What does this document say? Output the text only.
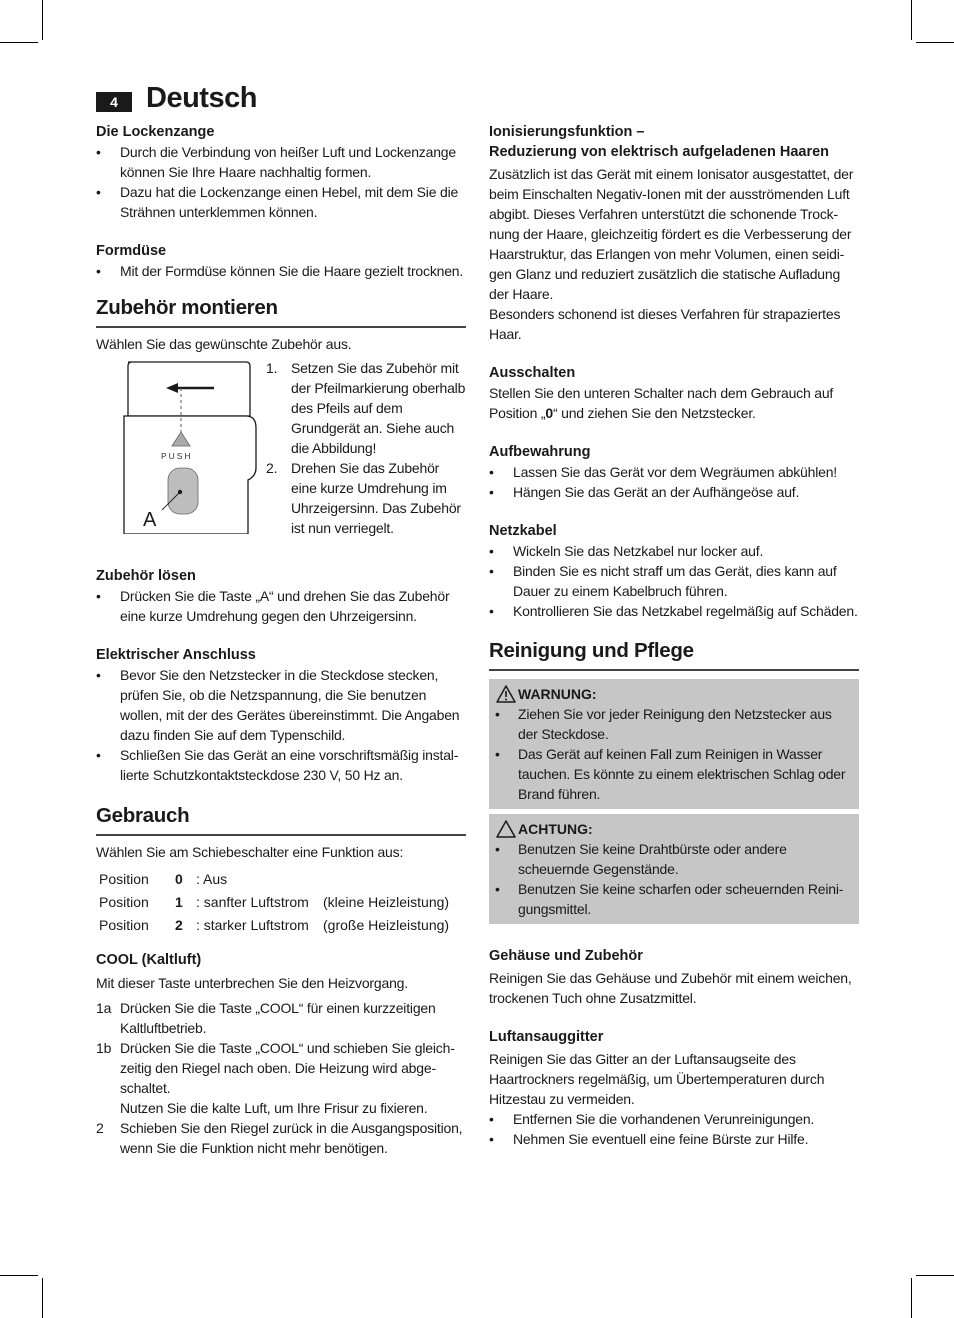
4 Deutsch
Die Lockenzange
• Durch die Verbindung von heißer Luft und Lockenzange können Sie Ihre Haare nachhaltig formen.
• Dazu hat die Lockenzange einen Hebel, mit dem Sie die Strähnen unterklemmen können.
Formdüse
• Mit der Formdüse können Sie die Haare gezielt trocknen.
Zubehör montieren
Wählen Sie das gewünschte Zubehör aus.
PUSH
A
1. Setzen Sie das Zubehör mit der Pfeilmarkierung oberhalb des Pfeils auf dem Grundgerät an. Siehe auch die Abbildung!
2. Drehen Sie das Zubehör eine kurze Umdrehung im Uhrzeigersinn. Das Zubehör ist nun verriegelt.
Zubehör lösen
• Drücken Sie die Taste „A“ und drehen Sie das Zubehör eine kurze Umdrehung gegen den Uhrzeigersinn.
Elektrischer Anschluss
• Bevor Sie den Netzstecker in die Steckdose stecken, prüfen Sie, ob die Netzspannung, die Sie benutzen wollen, mit der des Gerätes übereinstimmt. Die Angaben dazu finden Sie auf dem Typenschild.
• Schließen Sie das Gerät an eine vorschriftsmäßig installierte Schutzkontaktsteckdose 230 V, 50 Hz an.
Gebrauch
Wählen Sie am Schiebeschalter eine Funktion aus:
Position 0 : Aus
Position 1 : sanfter Luftstrom (kleine Heizleistung)
Position 2 : starker Luftstrom (große Heizleistung)
COOL (Kaltluft)
Mit dieser Taste unterbrechen Sie den Heizvorgang.
1a Drücken Sie die Taste „COOL“ für einen kurzzeitigen Kaltluftbetrieb.
1b Drücken Sie die Taste „COOL“ und schieben Sie gleichzeitig den Riegel nach oben. Die Heizung wird abgeschaltet.
Nutzen Sie die kalte Luft, um Ihre Frisur zu fixieren.
2 Schieben Sie den Riegel zurück in die Ausgangsposition, wenn Sie die Funktion nicht mehr benötigen.
Ionisierungsfunktion –
Reduzierung von elektrisch aufgeladenen Haaren
Zusätzlich ist das Gerät mit einem Ionisator ausgestattet, der beim Einschalten Negativ-Ionen mit der ausströmenden Luft abgibt. Dieses Verfahren unterstützt die schonende Trocknung der Haare, gleichzeitig fördert es die Verbesserung der Haarstruktur, das Erlangen von mehr Volumen, einen seidigen Glanz und reduziert zusätzlich die statische Aufladung der Haare.
Besonders schonend ist dieses Verfahren für strapaziertes Haar.
Ausschalten
Stellen Sie den unteren Schalter nach dem Gebrauch auf Position „0“ und ziehen Sie den Netzstecker.
Aufbewahrung
• Lassen Sie das Gerät vor dem Wegräumen abkühlen!
• Hängen Sie das Gerät an der Aufhängeöse auf.
Netzkabel
• Wickeln Sie das Netzkabel nur locker auf.
• Binden Sie es nicht straff um das Gerät, dies kann auf Dauer zu einem Kabelbruch führen.
• Kontrollieren Sie das Netzkabel regelmäßig auf Schäden.
Reinigung und Pflege
WARNUNG:
• Ziehen Sie vor jeder Reinigung den Netzstecker aus der Steckdose.
• Das Gerät auf keinen Fall zum Reinigen in Wasser tauchen. Es könnte zu einem elektrischen Schlag oder Brand führen.
ACHTUNG:
• Benutzen Sie keine Drahtbürste oder andere scheuernde Gegenstände.
• Benutzen Sie keine scharfen oder scheuernden Reinigungsmittel.
Gehäuse und Zubehör
Reinigen Sie das Gehäuse und Zubehör mit einem weichen, trockenen Tuch ohne Zusatzmittel.
Luftansauggitter
Reinigen Sie das Gitter an der Luftansaugseite des Haartrockners regelmäßig, um Übertemperaturen durch Hitzestau zu vermeiden.
• Entfernen Sie die vorhandenen Verunreinigungen.
• Nehmen Sie eventuell eine feine Bürste zur Hilfe.
